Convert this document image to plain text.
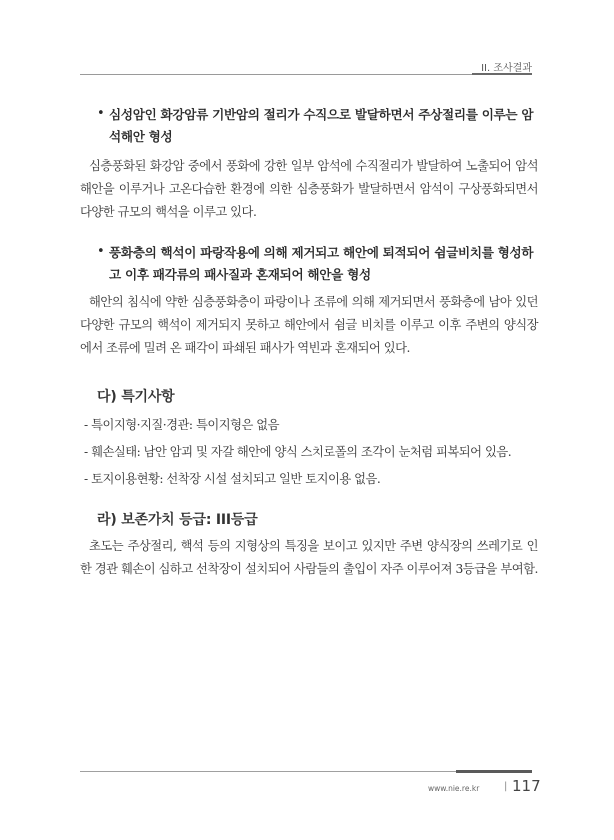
II. 조사결과
• 심성암인 화강암류 기반암의 절리가 수직으로 발달하면서 주상절리를 이루는 암석해안 형성
심층풍화된 화강암 중에서 풍화에 강한 일부 암석에 수직절리가 발달하여 노출되어 암석해안을 이루거나 고온다습한 환경에 의한 심층풍화가 발달하면서 암석이 구상풍화되면서 다양한 규모의 핵석을 이루고 있다.
• 풍화층의 핵석이 파랑작용에 의해 제거되고 해안에 퇴적되어 쉼글비치를 형성하고 이후 패각류의 패사질과 혼재되어 해안을 형성
해안의 침식에 약한 심층풍화층이 파랑이나 조류에 의해 제거되면서 풍화층에 남아 있던 다양한 규모의 핵석이 제거되지 못하고 해안에서 쉼글 비치를 이루고 이후 주변의 양식장에서 조류에 밀려 온 패각이 파쇄된 패사가 역빈과 혼재되어 있다.
다) 특기사항
- 특이지형·지질·경관: 특이지형은 없음
- 훼손실태: 남안 암괴 및 자갈 해안에 양식 스치로폴의 조각이 눈처럼 피복되어 있음.
- 토지이용현황: 선착장 시설 설치되고 일반 토지이용 없음.
라) 보존가치 등급: III등급
초도는 주상절리, 핵석 등의 지형상의 특징을 보이고 있지만 주변 양식장의 쓰레기로 인한 경관 훼손이 심하고 선착장이 설치되어 사람들의 출입이 자주 이루어져 3등급을 부여함.
www.nie.re.kr | 117
